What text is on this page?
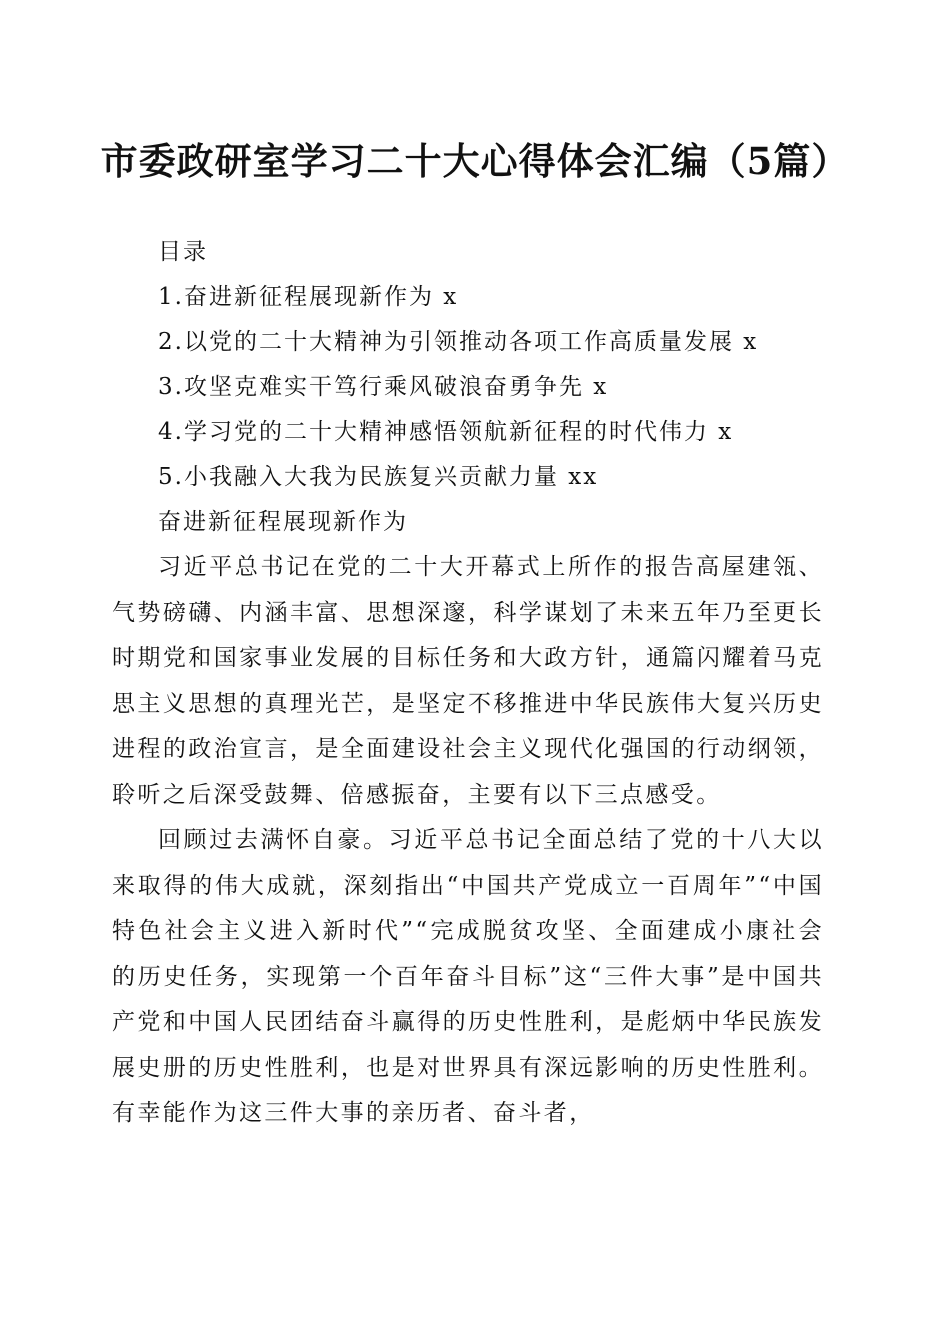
市委政研室学习二十大心得体会汇编（5篇）
目录
1.奋进新征程展现新作为 x
2.以党的二十大精神为引领推动各项工作高质量发展 x
3.攻坚克难实干笃行乘风破浪奋勇争先 x
4.学习党的二十大精神感悟领航新征程的时代伟力 x
5.小我融入大我为民族复兴贡献力量 xx
奋进新征程展现新作为

习近平总书记在党的二十大开幕式上所作的报告高屋建瓴、气势磅礴、内涵丰富、思想深邃，科学谋划了未来五年乃至更长时期党和国家事业发展的目标任务和大政方针，通篇闪耀着马克思主义思想的真理光芒，是坚定不移推进中华民族伟大复兴历史进程的政治宣言，是全面建设社会主义现代化强国的行动纲领，聆听之后深受鼓舞、倍感振奋，主要有以下三点感受。

回顾过去满怀自豪。习近平总书记全面总结了党的十八大以来取得的伟大成就，深刻指出“中国共产党成立一百周年”“中国特色社会主义进入新时代”“完成脱贫攻坚、全面建成小康社会的历史任务，实现第一个百年奋斗目标”这“三件大事”是中国共产党和中国人民团结奋斗赢得的历史性胜利，是彪炳中华民族发展史册的历史性胜利，也是对世界具有深远影响的历史性胜利。有幸能作为这三件大事的亲历者、奋斗者，
